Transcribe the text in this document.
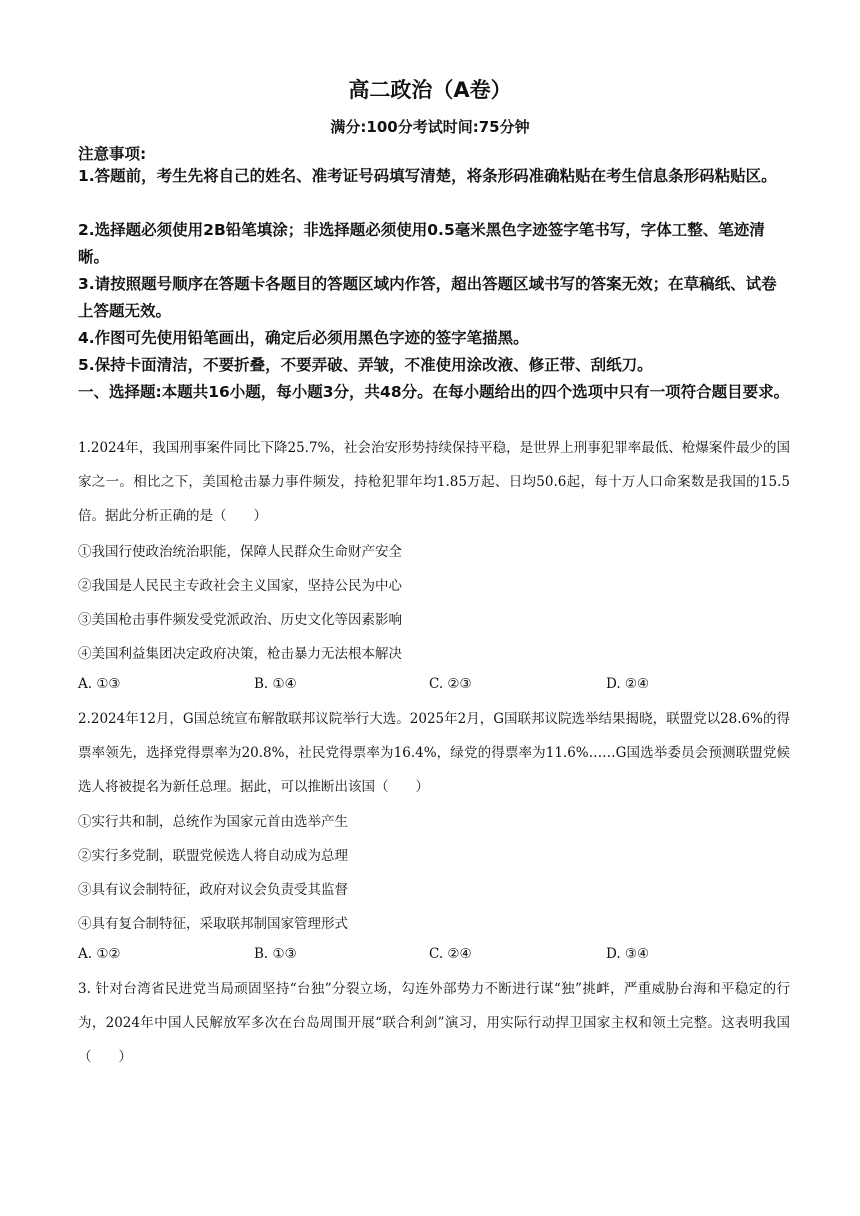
高二政治（A卷）
满分:100分考试时间:75分钟
注意事项:
1.答题前，考生先将自己的姓名、准考证号码填写清楚，将条形码准确粘贴在考生信息条形码粘贴区。
2.选择题必须使用2B铅笔填涂；非选择题必须使用0.5毫米黑色字迹签字笔书写，字体工整、笔迹清晰。
3.请按照题号顺序在答题卡各题目的答题区域内作答，超出答题区域书写的答案无效；在草稿纸、试卷上答题无效。
4.作图可先使用铅笔画出，确定后必须用黑色字迹的签字笔描黑。
5.保持卡面清洁，不要折叠，不要弄破、弄皱，不准使用涂改液、修正带、刮纸刀。
一、选择题:本题共16小题，每小题3分，共48分。在每小题给出的四个选项中只有一项符合题目要求。
1.2024年，我国刑事案件同比下降25.7%，社会治安形势持续保持平稳，是世界上刑事犯罪率最低、枪爆案件最少的国家之一。相比之下，美国枪击暴力事件频发，持枪犯罪年均1.85万起、日均50.6起，每十万人口命案数是我国的15.5倍。据此分析正确的是（　　）
①我国行使政治统治职能，保障人民群众生命财产安全
②我国是人民民主专政社会主义国家，坚持公民为中心
③美国枪击事件频发受党派政治、历史文化等因素影响
④美国利益集团决定政府决策，枪击暴力无法根本解决
A. ①③	B. ①④	C. ②③	D. ②④
2.2024年12月，G国总统宣布解散联邦议院举行大选。2025年2月，G国联邦议院选举结果揭晓，联盟党以28.6%的得票率领先，选择党得票率为20.8%，社民党得票率为16.4%，绿党的得票率为11.6%……G国选举委员会预测联盟党候选人将被提名为新任总理。据此，可以推断出该国（　　）
①实行共和制，总统作为国家元首由选举产生
②实行多党制，联盟党候选人将自动成为总理
③具有议会制特征，政府对议会负责受其监督
④具有复合制特征，采取联邦制国家管理形式
A. ①②	B. ①③	C. ②④	D. ③④
3. 针对台湾省民进党当局顽固坚持“台独”分裂立场，勾连外部势力不断进行谋“独”挑衅，严重威胁台海和平稳定的行为，2024年中国人民解放军多次在台岛周围开展“联合利剑”演习，用实际行动捍卫国家主权和领土完整。这表明我国（　　）
